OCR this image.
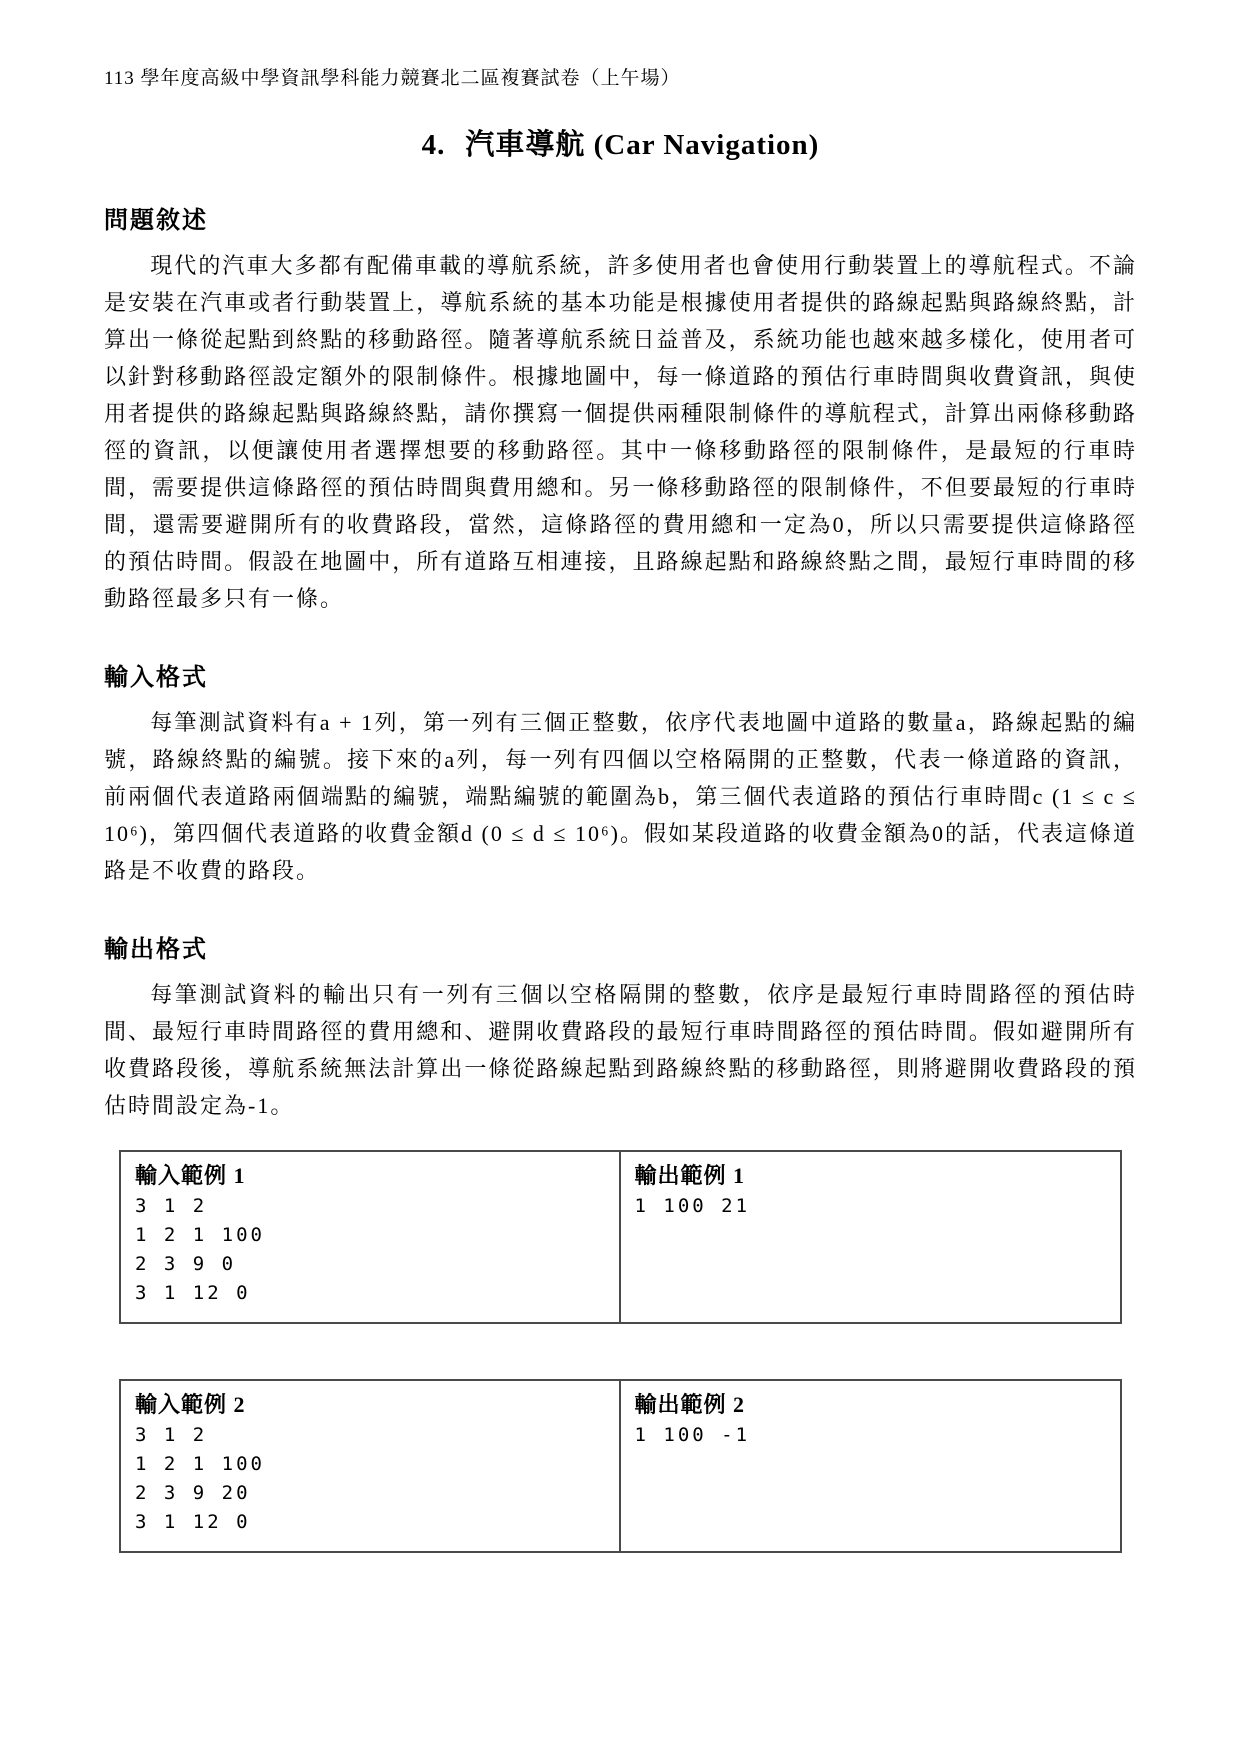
113 學年度高級中學資訊學科能力競賽北二區複賽試卷（上午場）
4. 汽車導航 (Car Navigation)
問題敘述

現代的汽車大多都有配備車載的導航系統，許多使用者也會使用行動裝置上的導航程式。不論是安裝在汽車或者行動裝置上，導航系統的基本功能是根據使用者提供的路線起點與路線終點，計算出一條從起點到終點的移動路徑。隨著導航系統日益普及，系統功能也越來越多樣化，使用者可以針對移動路徑設定額外的限制條件。根據地圖中，每一條道路的預估行車時間與收費資訊，與使用者提供的路線起點與路線終點，請你撰寫一個提供兩種限制條件的導航程式，計算出兩條移動路徑的資訊，以便讓使用者選擇想要的移動路徑。其中一條移動路徑的限制條件，是最短的行車時間，需要提供這條路徑的預估時間與費用總和。另一條移動路徑的限制條件，不但要最短的行車時間，還需要避開所有的收費路段，當然，這條路徑的費用總和一定為0，所以只需要提供這條路徑的預估時間。假設在地圖中，所有道路互相連接，且路線起點和路線終點之間，最短行車時間的移動路徑最多只有一條。

輸入格式

每筆測試資料有a + 1列，第一列有三個正整數，依序代表地圖中道路的數量a，路線起點的編號，路線終點的編號。接下來的a列，每一列有四個以空格隔開的正整數，代表一條道路的資訊，前兩個代表道路兩個端點的編號，端點編號的範圍為b，第三個代表道路的預估行車時間c (1 ≤ c ≤ 10⁶)，第四個代表道路的收費金額d (0 ≤ d ≤ 10⁶)。假如某段道路的收費金額為0的話，代表這條道路是不收費的路段。

輸出格式

每筆測試資料的輸出只有一列有三個以空格隔開的整數，依序是最短行車時間路徑的預估時間、最短行車時間路徑的費用總和、避開收費路段的最短行車時間路徑的預估時間。假如避開所有收費路段後，導航系統無法計算出一條從路線起點到路線終點的移動路徑，則將避開收費路段的預估時間設定為-1。

輸入範例 1
3 1 2
1 2 1 100
2 3 9 0
3 1 12 0
輸出範例 1
1 100 21
輸入範例 2
3 1 2
1 2 1 100
2 3 9 20
3 1 12 0
輸出範例 2
1 100 -1
